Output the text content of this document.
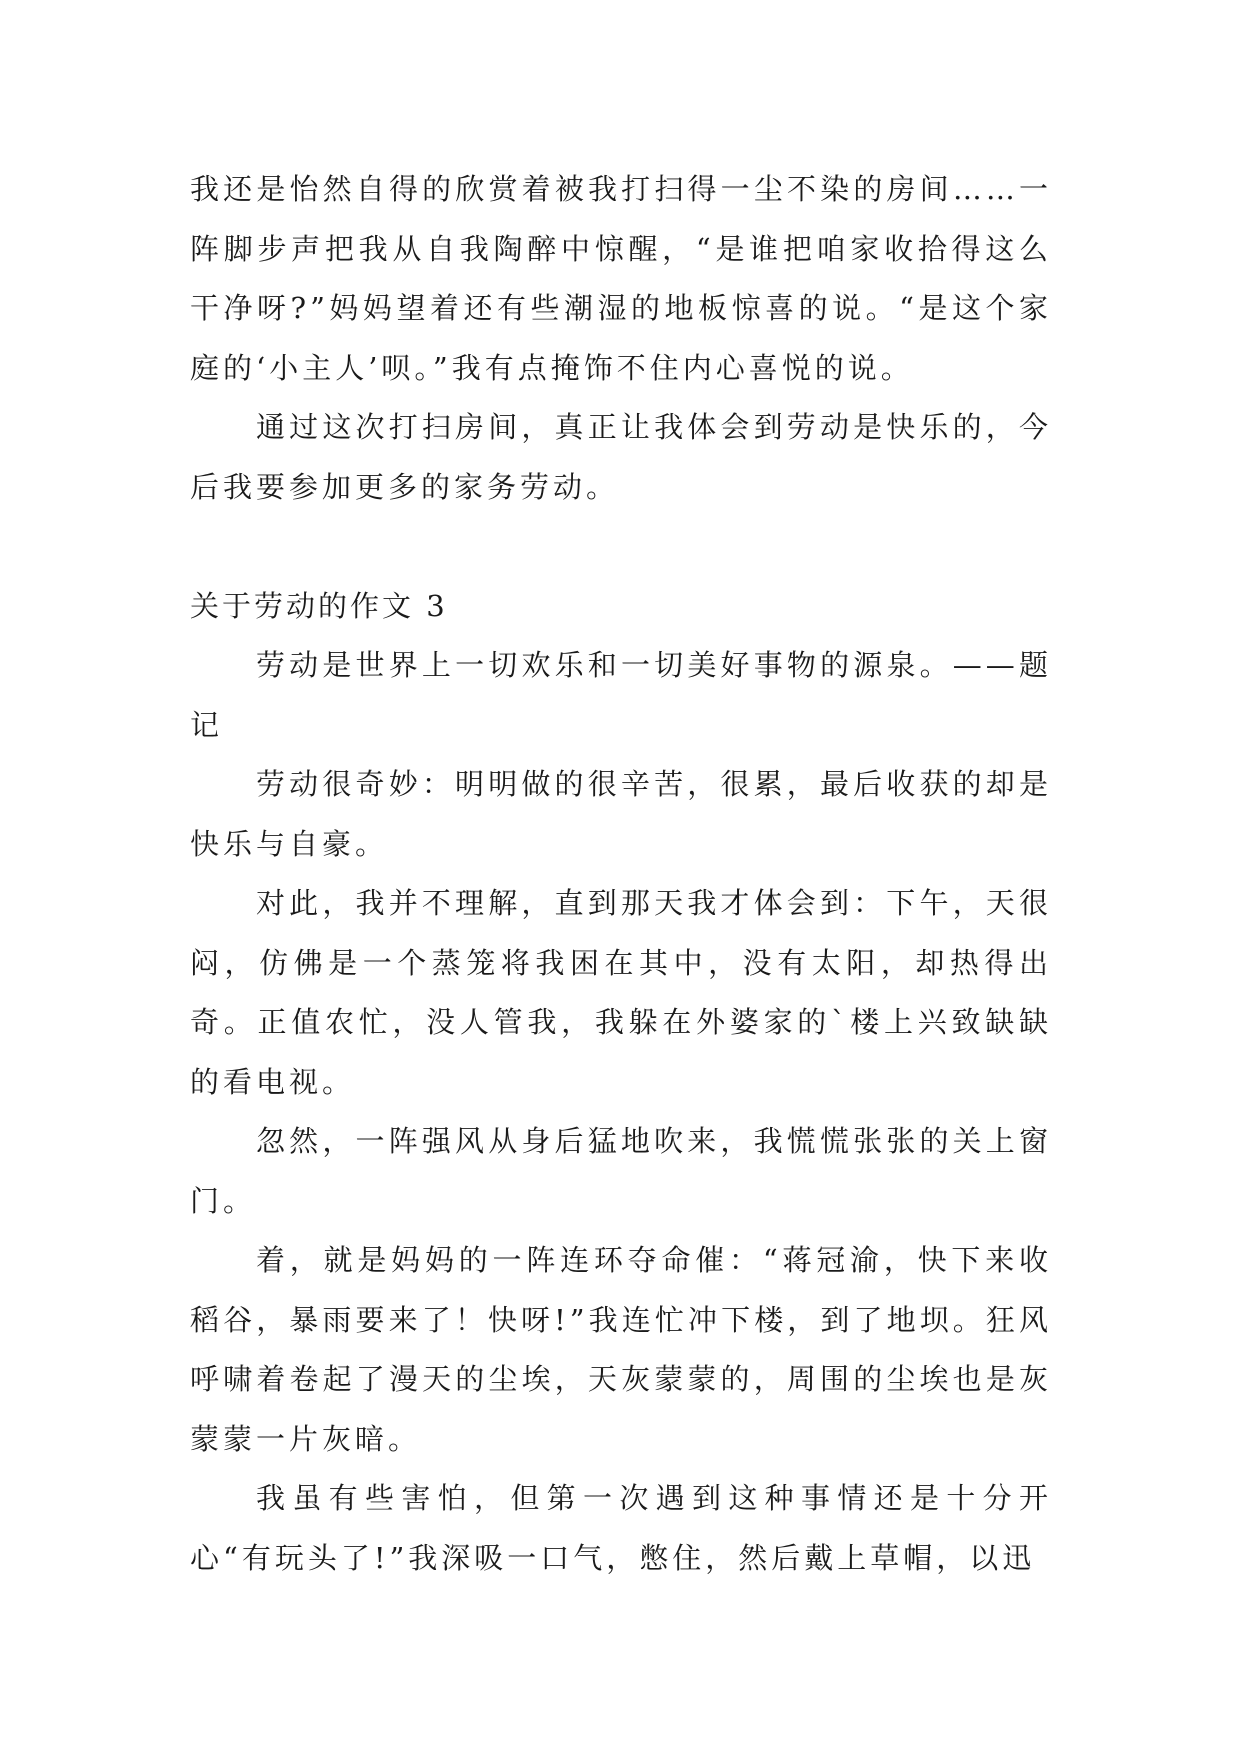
我还是怡然自得的欣赏着被我打扫得一尘不染的房间……一阵脚步声把我从自我陶醉中惊醒，“是谁把咱家收拾得这么干净呀?”妈妈望着还有些潮湿的地板惊喜的说。“是这个家庭的‘小主人’呗。”我有点掩饰不住内心喜悦的说。

通过这次打扫房间，真正让我体会到劳动是快乐的，今后我要参加更多的家务劳动。

关于劳动的作文 3

劳动是世界上一切欢乐和一切美好事物的源泉。——题记

劳动很奇妙：明明做的很辛苦，很累，最后收获的却是快乐与自豪。

对此，我并不理解，直到那天我才体会到：下午，天很闷，仿佛是一个蒸笼将我困在其中，没有太阳，却热得出奇。正值农忙，没人管我，我躲在外婆家的`楼上兴致缺缺的看电视。

忽然，一阵强风从身后猛地吹来，我慌慌张张的关上窗门。

着，就是妈妈的一阵连环夺命催：“蒋冠渝，快下来收稻谷，暴雨要来了！快呀!”我连忙冲下楼，到了地坝。狂风呼啸着卷起了漫天的尘埃，天灰蒙蒙的，周围的尘埃也是灰蒙蒙一片灰暗。

我虽有些害怕，但第一次遇到这种事情还是十分开心“有玩头了!”我深吸一口气，憋住，然后戴上草帽，以迅
